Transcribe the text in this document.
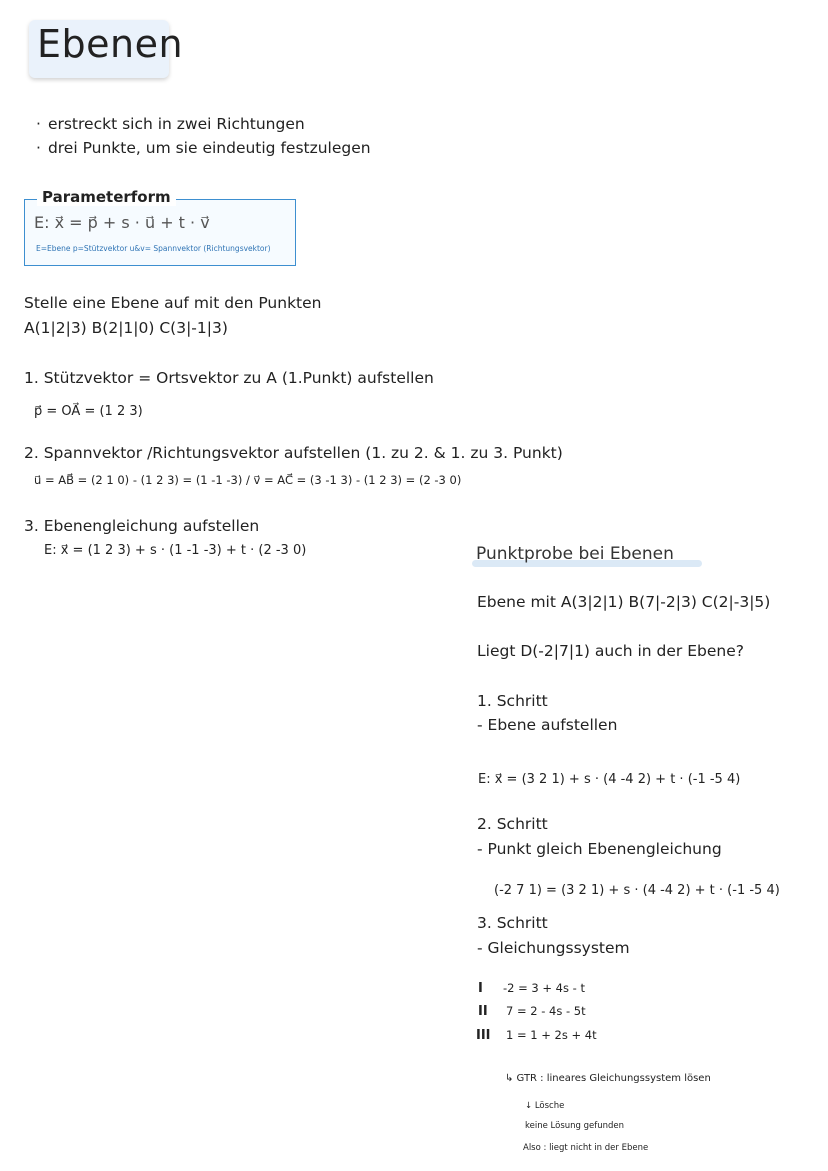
Ebenen
· erstreckt sich in zwei Richtungen
· drei Punkte, um sie eindeutig festzulegen
Parameterform
E: x⃗ = p⃗ + s · u⃗ + t · v⃗
E=Ebene p=Stützvektor u&v= Spannvektor (Richtungsvektor)
Stelle eine Ebene auf mit den Punkten
A(1|2|3) B(2|1|0) C(3|-1|3)
1. Stützvektor = Ortsvektor zu A (1.Punkt) aufstellen
p⃗ = OA⃗ = (1 2 3)
2. Spannvektor /Richtungsvektor aufstellen (1. zu 2. & 1. zu 3. Punkt)
u⃗ = AB⃗ = (2 1 0) - (1 2 3) = (1 -1 -3) / v⃗ = AC⃗ = (3 -1 3) - (1 2 3) = (2 -3 0)
3. Ebenengleichung aufstellen
E: x⃗ = (1 2 3) + s · (1 -1 -3) + t · (2 -3 0)	Punktprobe bei Ebenen
Ebene mit A(3|2|1) B(7|-2|3) C(2|-3|5)
Liegt D(-2|7|1) auch in der Ebene?
1. Schritt
- Ebene aufstellen
E: x⃗ = (3 2 1) + s · (4 -4 2) + t · (-1 -5 4)
2. Schritt
- Punkt gleich Ebenengleichung
(-2 7 1) = (3 2 1) + s · (4 -4 2) + t · (-1 -5 4)
3. Schritt
- Gleichungssystem
I -2 = 3 + 4s - t
II 7 = 2 - 4s - 5t
III 1 = 1 + 2s + 4t
↳ GTR : lineares Gleichungssystem lösen
↓ Lösche
keine Lösung gefunden
Also : liegt nicht in der Ebene
